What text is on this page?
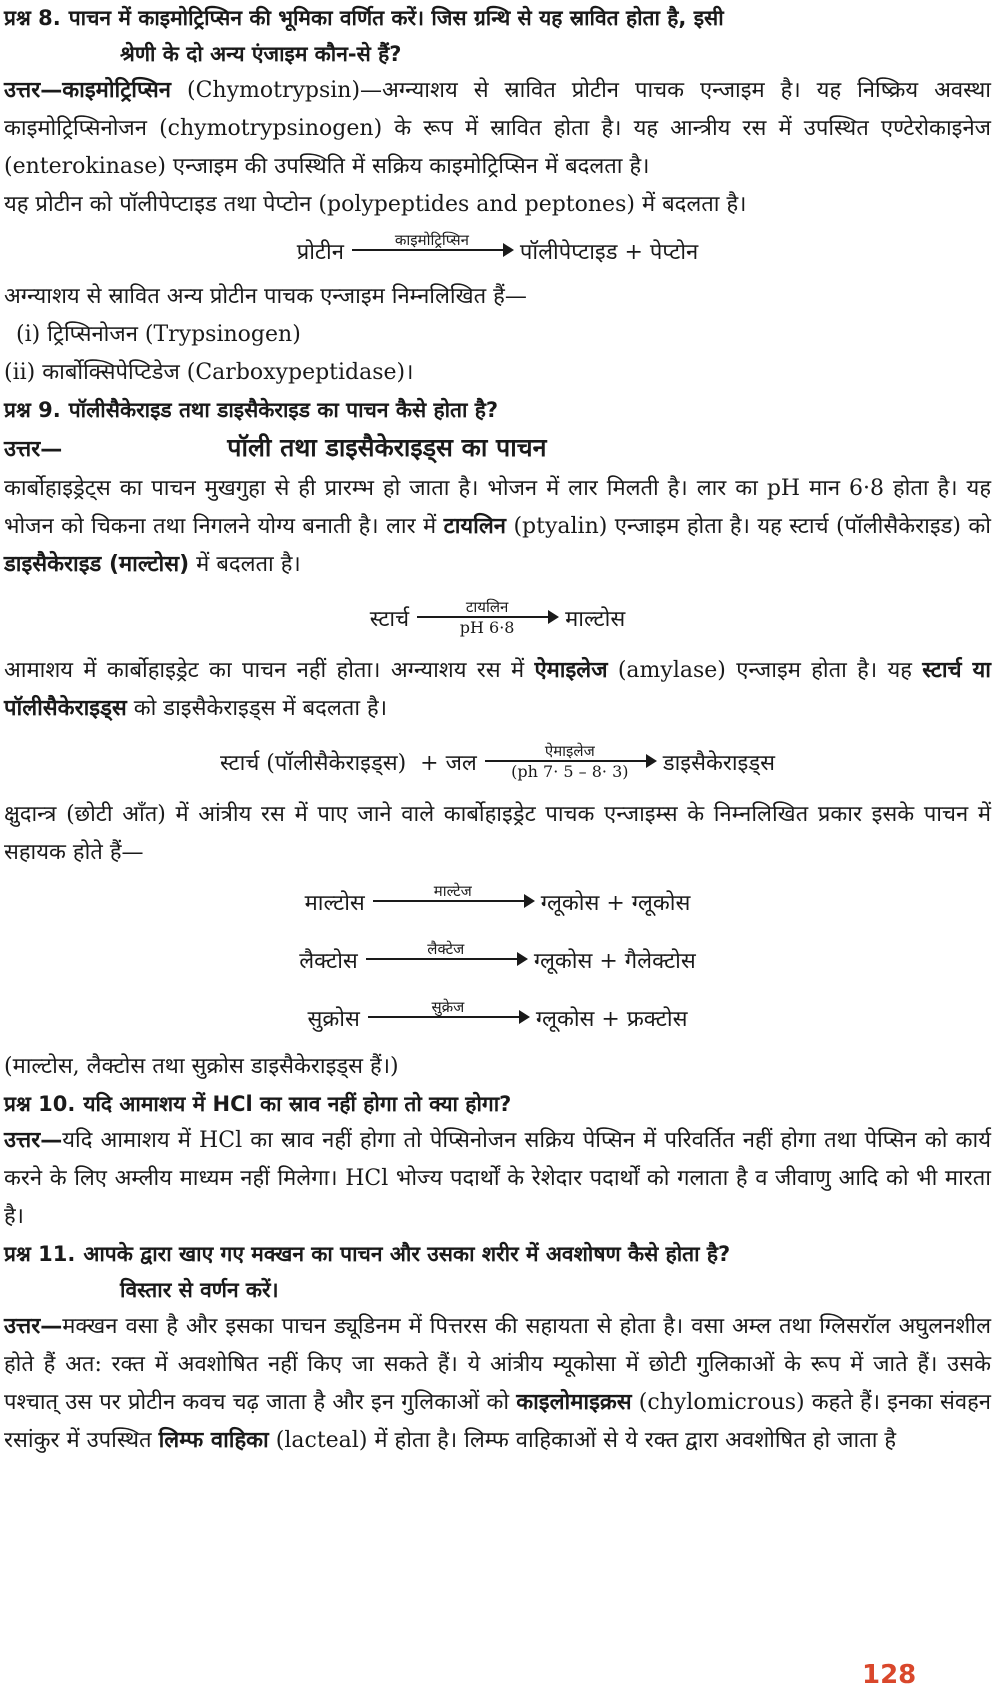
प्रश्न 8. पाचन में काइमोट्रिप्सिन की भूमिका वर्णित करें। जिस ग्रन्थि से यह स्रावित होता है, इसी
श्रेणी के दो अन्य एंजाइम कौन-से हैं?

उत्तर—काइमोट्रिप्सिन (Chymotrypsin)—अग्न्याशय से स्रावित प्रोटीन पाचक एन्जाइम है। यह निष्क्रिय अवस्था काइमोट्रिप्सिनोजन (chymotrypsinogen) के रूप में स्रावित होता है। यह आन्त्रीय रस में उपस्थित एण्टेरोकाइनेज (enterokinase) एन्जाइम की उपस्थिति में सक्रिय काइमोट्रिप्सिन में बदलता है।

यह प्रोटीन को पॉलीपेप्टाइड तथा पेप्टोन (polypeptides and peptones) में बदलता है।

प्रोटीन	काइमोट्रिप्सिन
पॉलीपेप्टाइड + पेप्टोन

अग्न्याशय से स्रावित अन्य प्रोटीन पाचक एन्जाइम निम्नलिखित हैं—

(i) ट्रिप्सिनोजन (Trypsinogen)

(ii) कार्बोक्सिपेप्टिडेज (Carboxypeptidase)।

प्रश्न 9. पॉलीसैकेराइड तथा डाइसैकेराइड का पाचन कैसे होता है?
उत्तर—	पॉली तथा डाइसैकेराइड्स का पाचन

कार्बोहाइड्रेट्स का पाचन मुखगुहा से ही प्रारम्भ हो जाता है। भोजन में लार मिलती है। लार का pH मान 6·8 होता है। यह भोजन को चिकना तथा निगलने योग्य बनाती है। लार में टायलिन (ptyalin) एन्जाइम होता है। यह स्टार्च (पॉलीसैकेराइड) को डाइसैकेराइड (माल्टोस) में बदलता है।

स्टार्च	टायलिन
pH 6·8 माल्टोस

आमाशय में कार्बोहाइड्रेट का पाचन नहीं होता। अग्न्याशय रस में ऐमाइलेज (amylase) एन्जाइम होता है। यह स्टार्च या पॉलीसैकेराइड्स को डाइसैकेराइड्स में बदलता है।

स्टार्च (पॉलीसैकेराइड्स)  + जल	ऐमाइलेज
(ph 7· 5 – 8· 3) डाइसैकेराइड्स

क्षुदान्त्र (छोटी आँत) में आंत्रीय रस में पाए जाने वाले कार्बोहाइड्रेट पाचक एन्जाइम्स के निम्नलिखित प्रकार इसके पाचन में सहायक होते हैं—

माल्टोस	माल्टेज
	ग्लूकोस + ग्लूकोस
लैक्टोस	लैक्टेज
	ग्लूकोस + गैलेक्टोस
सुक्रोस	सुक्रेज
	ग्लूकोस + फ्रक्टोस

(माल्टोस, लैक्टोस तथा सुक्रोस डाइसैकेराइड्स हैं।)

प्रश्न 10. यदि आमाशय में HCl का स्राव नहीं होगा तो क्या होगा?

उत्तर—यदि आमाशय में HCl का स्राव नहीं होगा तो पेप्सिनोजन सक्रिय पेप्सिन में परिवर्तित नहीं होगा तथा पेप्सिन को कार्य करने के लिए अम्लीय माध्यम नहीं मिलेगा। HCl भोज्य पदार्थों के रेशेदार पदार्थों को गलाता है व जीवाणु आदि को भी मारता है।

प्रश्न 11. आपके द्वारा खाए गए मक्खन का पाचन और उसका शरीर में अवशोषण कैसे होता है?
विस्तार से वर्णन करें।

उत्तर—मक्खन वसा है और इसका पाचन ड्यूडिनम में पित्तरस की सहायता से होता है। वसा अम्ल तथा ग्लिसरॉल अघुलनशील होते हैं अत: रक्त में अवशोषित नहीं किए जा सकते हैं। ये आंत्रीय म्यूकोसा में छोटी गुलिकाओं के रूप में जाते हैं। उसके पश्चात् उस पर प्रोटीन कवच चढ़ जाता है और इन गुलिकाओं को काइलोमाइक्रस (chylomicrous) कहते हैं। इनका संवहन रसांकुर में उपस्थित लिम्फ वाहिका (lacteal) में होता है। लिम्फ वाहिकाओं से ये रक्त द्वारा अवशोषित हो जाता है

128
